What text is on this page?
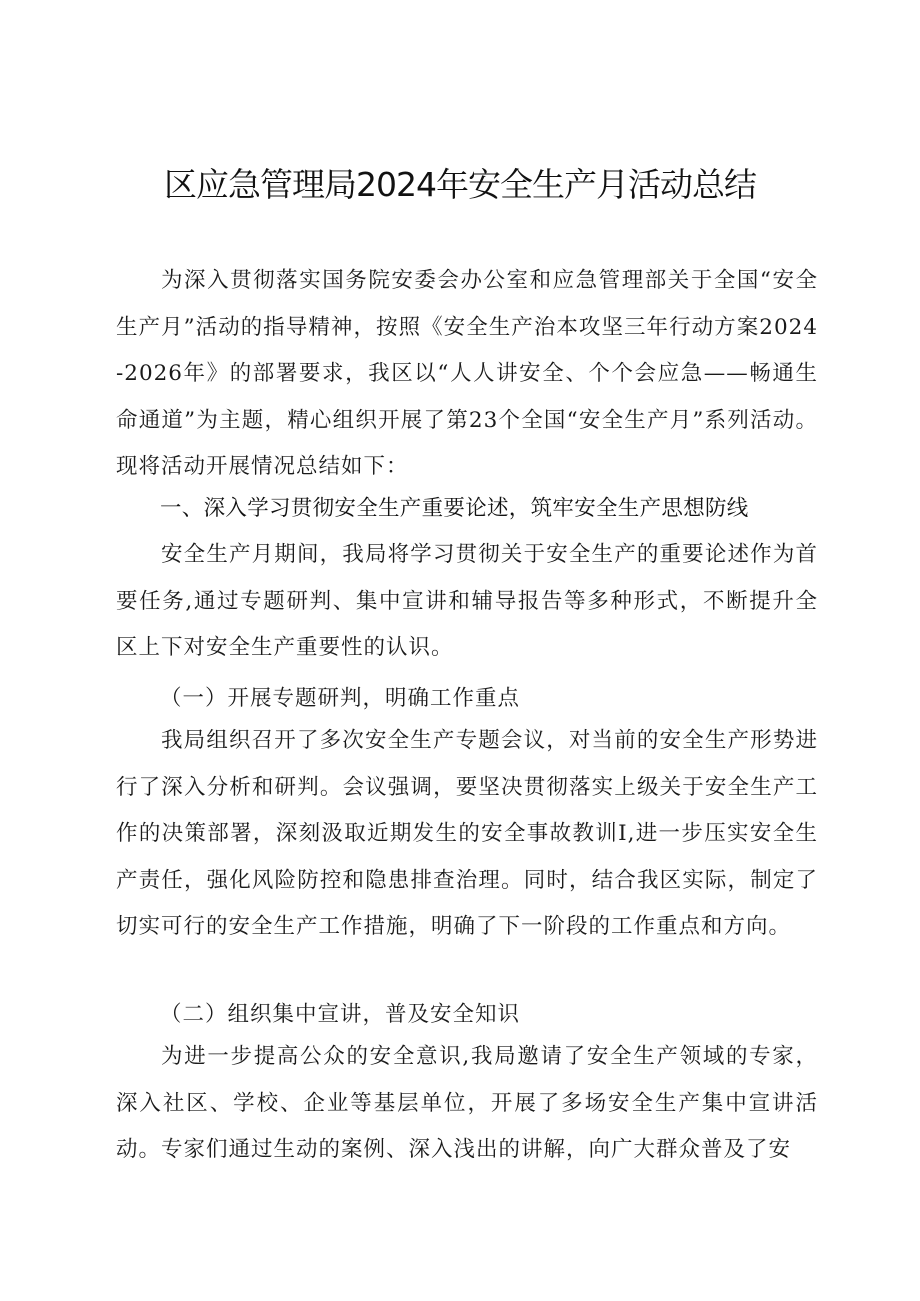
区应急管理局2024年安全生产月活动总结

为深入贯彻落实国务院安委会办公室和应急管理部关于全国“安全生产月”活动的指导精神，按照《安全生产治本攻坚三年行动方案2024-2026年》的部署要求，我区以“人人讲安全、个个会应急——畅通生命通道”为主题，精心组织开展了第23个全国“安全生产月”系列活动。现将活动开展情况总结如下：

一、深入学习贯彻安全生产重要论述，筑牢安全生产思想防线

安全生产月期间，我局将学习贯彻关于安全生产的重要论述作为首要任务,通过专题研判、集中宣讲和辅导报告等多种形式，不断提升全区上下对安全生产重要性的认识。

（一）开展专题研判，明确工作重点

我局组织召开了多次安全生产专题会议，对当前的安全生产形势进行了深入分析和研判。会议强调，要坚决贯彻落实上级关于安全生产工作的决策部署，深刻汲取近期发生的安全事故教训I,进一步压实安全生产责任，强化风险防控和隐患排查治理。同时，结合我区实际，制定了切实可行的安全生产工作措施，明确了下一阶段的工作重点和方向。

（二）组织集中宣讲，普及安全知识

为进一步提高公众的安全意识,我局邀请了安全生产领域的专家，深入社区、学校、企业等基层单位，开展了多场安全生产集中宣讲活动。专家们通过生动的案例、深入浅出的讲解，向广大群众普及了安
